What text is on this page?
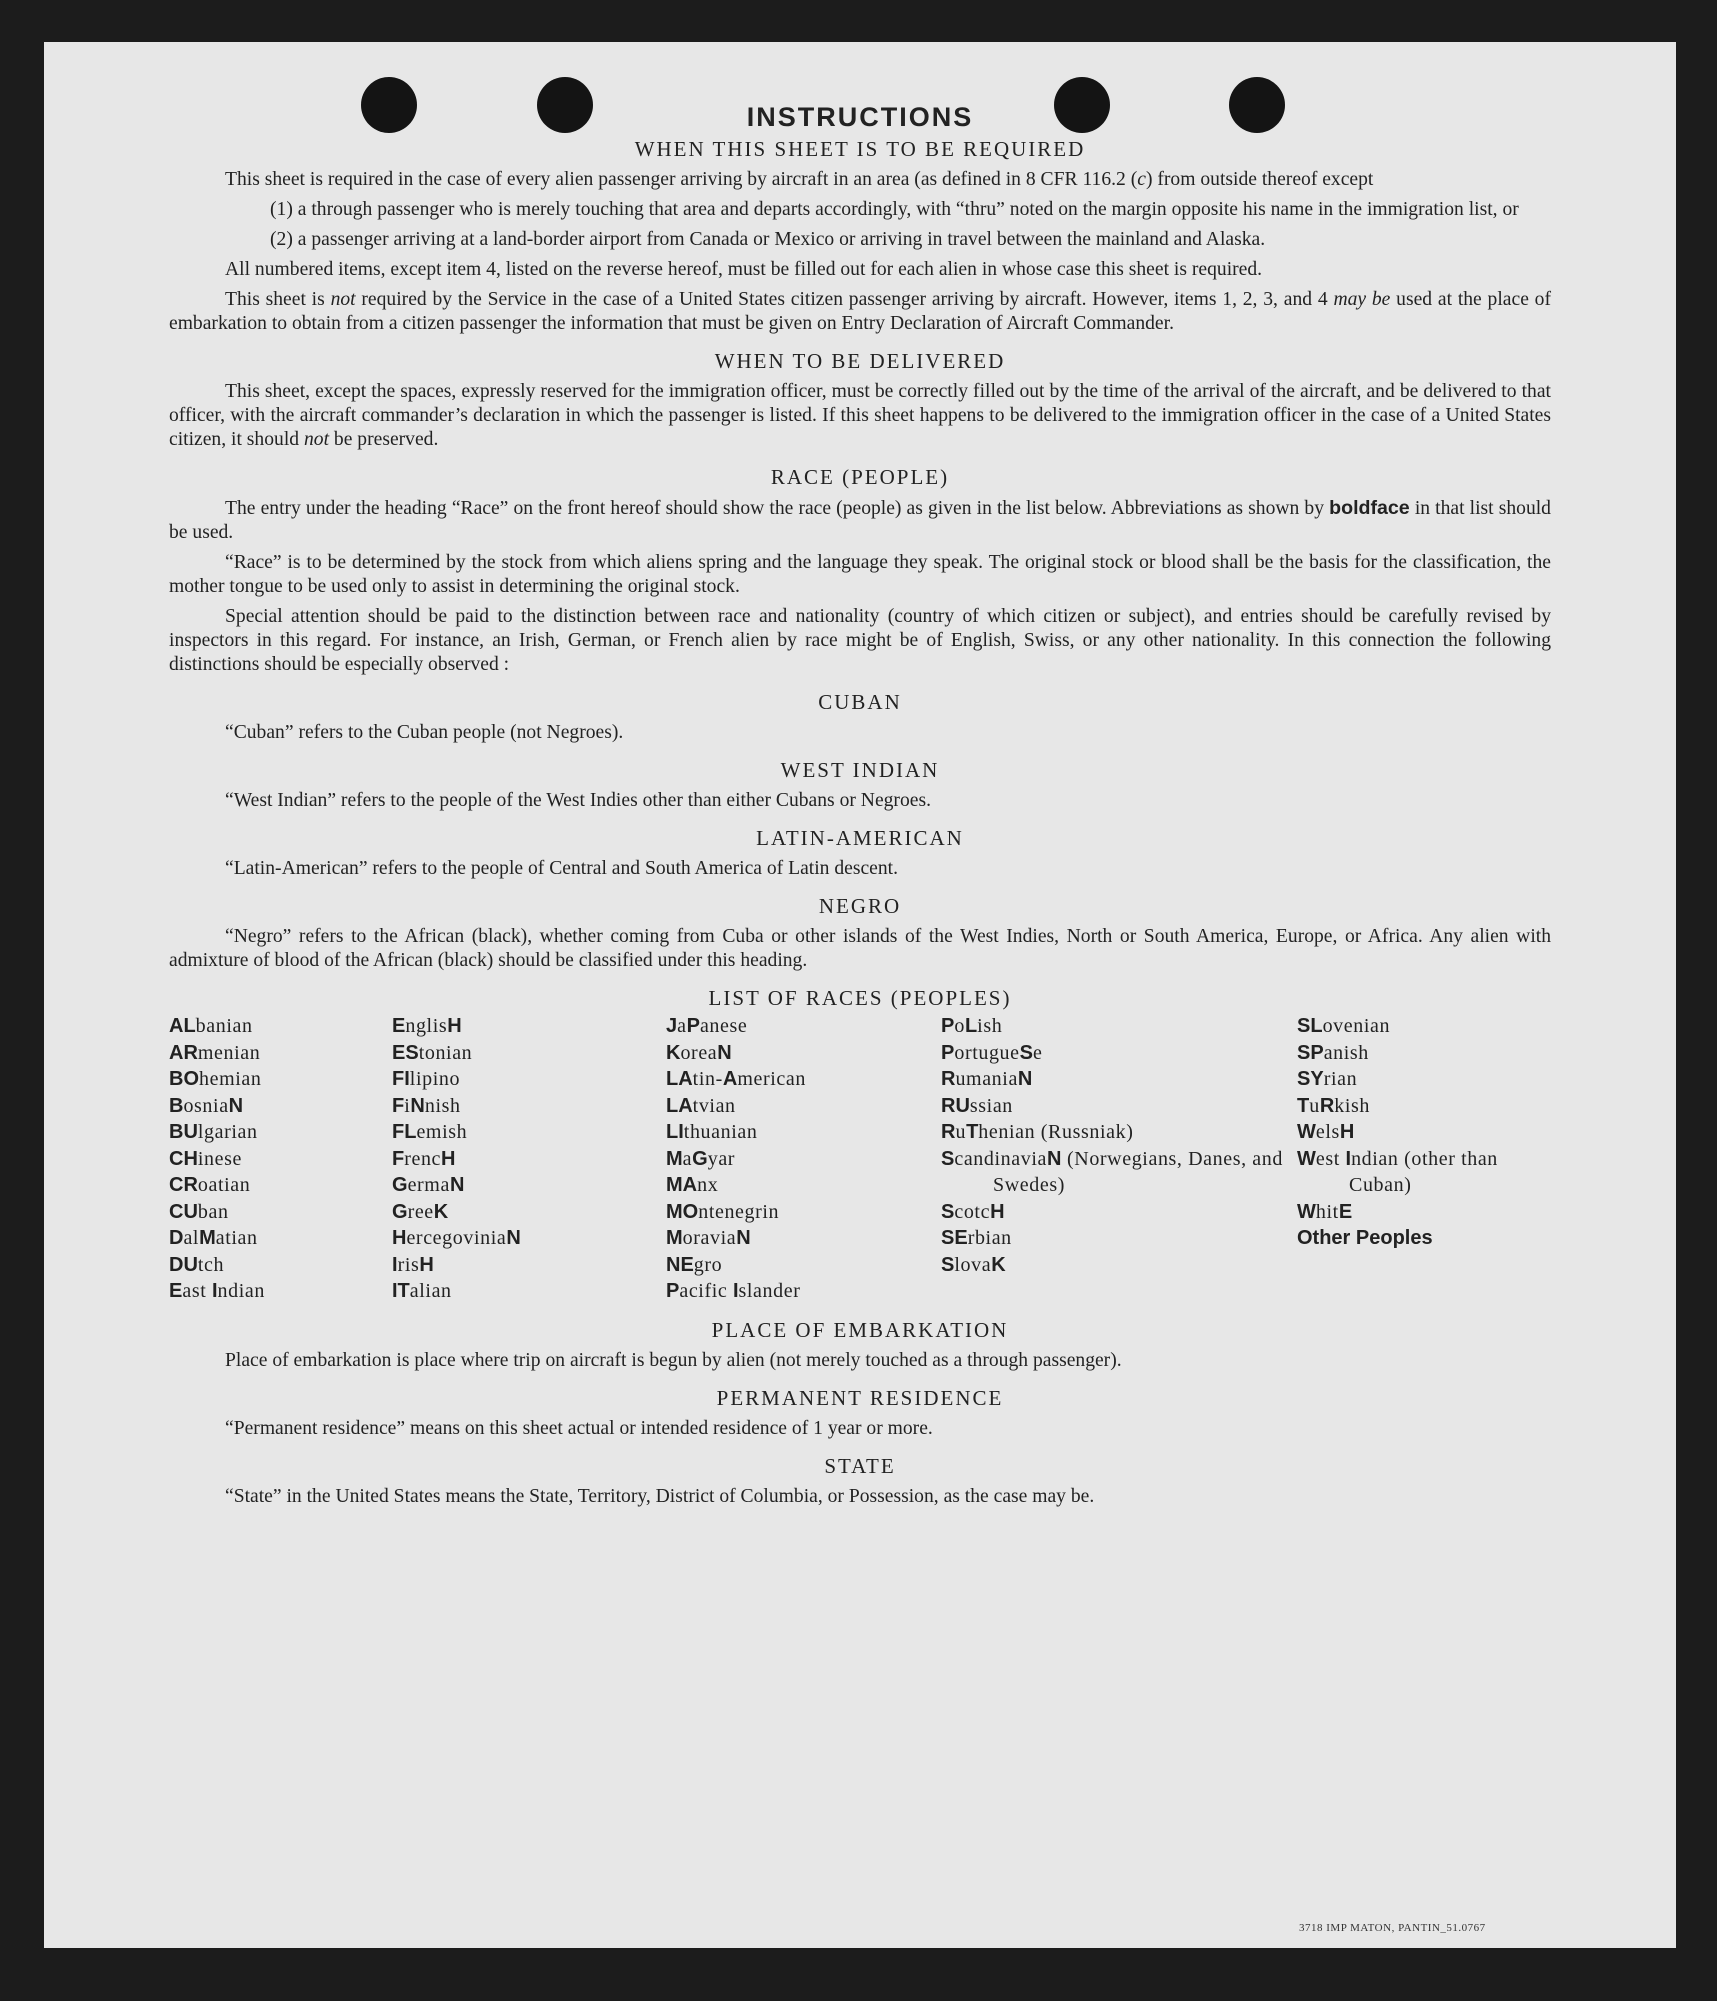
INSTRUCTIONS
WHEN THIS SHEET IS TO BE REQUIRED

This sheet is required in the case of every alien passenger arriving by aircraft in an area (as defined in 8 CFR 116.2 (c) from outside thereof except

(1) a through passenger who is merely touching that area and departs accordingly, with “thru” noted on the margin opposite his name in the immigration list, or

(2) a passenger arriving at a land-border airport from Canada or Mexico or arriving in travel between the mainland and Alaska.

All numbered items, except item 4, listed on the reverse hereof, must be filled out for each alien in whose case this sheet is required.

This sheet is not required by the Service in the case of a United States citizen passenger arriving by aircraft. However, items 1, 2, 3, and 4 may be used at the place of embarkation to obtain from a citizen passenger the information that must be given on Entry Declaration of Aircraft Commander.

WHEN TO BE DELIVERED

This sheet, except the spaces, expressly reserved for the immigration officer, must be correctly filled out by the time of the arrival of the aircraft, and be delivered to that officer, with the aircraft commander’s declaration in which the passenger is listed. If this sheet happens to be delivered to the immigration officer in the case of a United States citizen, it should not be preserved.

RACE (PEOPLE)

The entry under the heading “Race” on the front hereof should show the race (people) as given in the list below. Abbreviations as shown by boldface in that list should be used.

“Race” is to be determined by the stock from which aliens spring and the language they speak. The original stock or blood shall be the basis for the classification, the mother tongue to be used only to assist in determining the original stock.

Special attention should be paid to the distinction between race and nationality (country of which citizen or subject), and entries should be carefully revised by inspectors in this regard. For instance, an Irish, German, or French alien by race might be of English, Swiss, or any other nationality. In this connection the following distinctions should be especially observed :

CUBAN

“Cuban” refers to the Cuban people (not Negroes).

WEST INDIAN

“West Indian” refers to the people of the West Indies other than either Cubans or Negroes.

LATIN-AMERICAN

“Latin-American” refers to the people of Central and South America of Latin descent.

NEGRO

“Negro” refers to the African (black), whether coming from Cuba or other islands of the West Indies, North or South America, Europe, or Africa. Any alien with admixture of blood of the African (black) should be classified under this heading.

LIST OF RACES (PEOPLES)
ALbanian
ARmenian
BOhemian
BosniaN
BUlgarian
CHinese
CRoatian
CUban
DalMatian
DUtch
East Indian
EnglisH
EStonian
FIlipino
FiNnish
FLemish
FrencH
GermaN
GreeK
HercegoviniaN
IrisH
ITalian
JaPanese
KoreaN
LAtin-American
LAtvian
LIthuanian
MaGyar
MAnx
MOntenegrin
MoraviaN
NEgro
Pacific Islander
PoLish
PortugueSe
RumaniaN
RUssian
RuThenian (Russniak)
ScandinaviaN (Norwegians, Danes, and Swedes)
ScotcH
SErbian
SlovaK
SLovenian
SPanish
SYrian
TuRkish
WelsH
West Indian (other than Cuban)
WhitE
Other Peoples
PLACE OF EMBARKATION

Place of embarkation is place where trip on aircraft is begun by alien (not merely touched as a through passenger).

PERMANENT RESIDENCE

“Permanent residence” means on this sheet actual or intended residence of 1 year or more.

STATE

“State” in the United States means the State, Territory, District of Columbia, or Possession, as the case may be.

3718 IMP MATON, PANTIN_51.0767
